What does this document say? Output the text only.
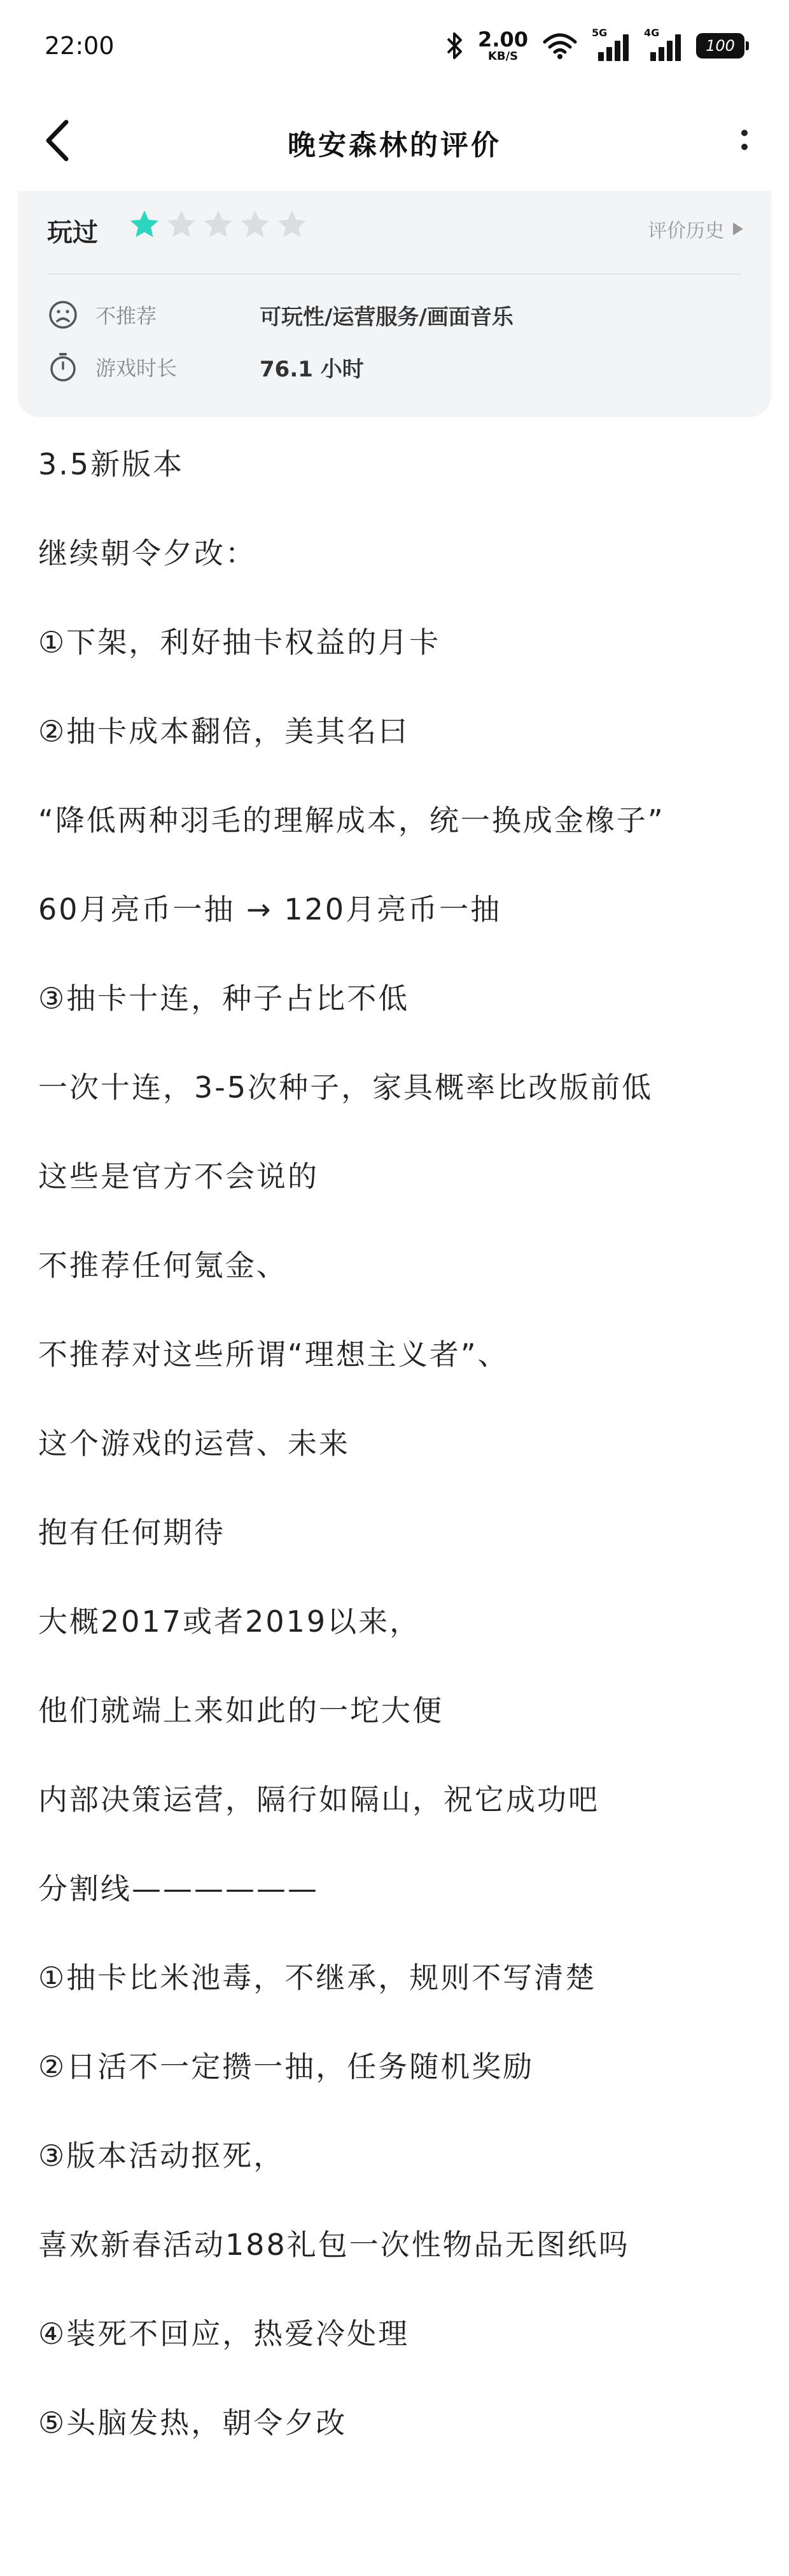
22:00	2.00
KB/S
5G	4G
100
晚安森林的评价
玩过	评价历史
不推荐	可玩性/运营服务/画面音乐
游戏时长	76.1 小时

3.5新版本

继续朝令夕改：

①下架，利好抽卡权益的月卡

②抽卡成本翻倍，美其名曰

“降低两种羽毛的理解成本，统一换成金橡子”

60月亮币一抽 → 120月亮币一抽

③抽卡十连，种子占比不低

一次十连，3-5次种子，家具概率比改版前低

这些是官方不会说的

不推荐任何氪金、

不推荐对这些所谓“理想主义者”、

这个游戏的运营、未来

抱有任何期待

大概2017或者2019以来，

他们就端上来如此的一坨大便

内部决策运营，隔行如隔山，祝它成功吧

分割线——————

①抽卡比米池毒，不继承，规则不写清楚

②日活不一定攒一抽，任务随机奖励

③版本活动抠死，

喜欢新春活动188礼包一次性物品无图纸吗

④装死不回应，热爱冷处理

⑤头脑发热，朝令夕改
